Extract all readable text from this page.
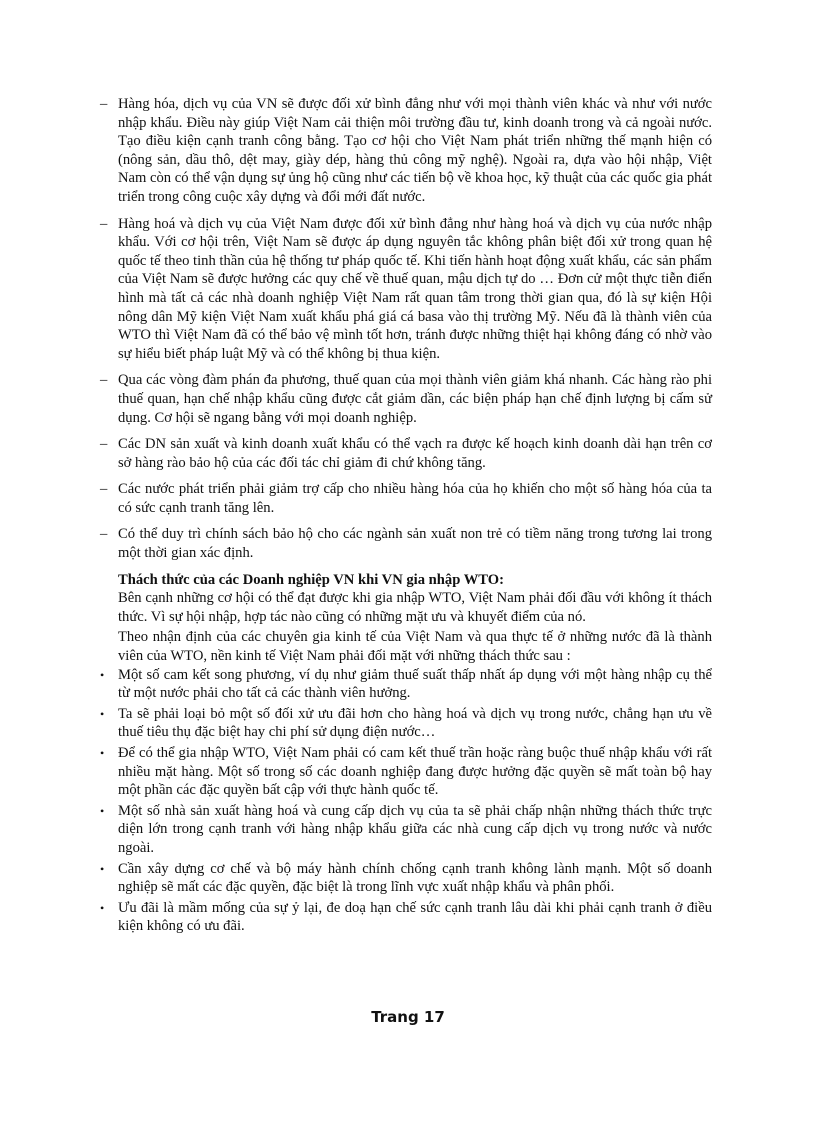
– Hàng hóa, dịch vụ của VN sẽ được đối xử bình đẳng như với mọi thành viên khác và như với nước nhập khẩu. Điều này giúp Việt Nam cải thiện môi trường đầu tư, kinh doanh trong và cả ngoài nước. Tạo điều kiện cạnh tranh công bằng. Tạo cơ hội cho Việt Nam phát triển những thế mạnh hiện có (nông sản, dầu thô, dệt may, giày dép, hàng thủ công mỹ nghệ). Ngoài ra, dựa vào hội nhập, Việt Nam còn có thể vận dụng sự ủng hộ cũng như các tiến bộ về khoa học, kỹ thuật của các quốc gia phát triển trong công cuộc xây dựng và đổi mới đất nước.
– Hàng hoá và dịch vụ của Việt Nam được đối xử bình đẳng như hàng hoá và dịch vụ của nước nhập khẩu. Với cơ hội trên, Việt Nam sẽ được áp dụng nguyên tắc không phân biệt đối xử trong quan hệ quốc tế theo tinh thần của hệ thống tư pháp quốc tế. Khi tiến hành hoạt động xuất khẩu, các sản phẩm của Việt Nam sẽ được hưởng các quy chế về thuế quan, mậu dịch tự do … Đơn cử một thực tiễn điển hình mà tất cả các nhà doanh nghiệp Việt Nam rất quan tâm trong thời gian qua, đó là sự kiện Hội nông dân Mỹ kiện Việt Nam xuất khẩu phá giá cá basa vào thị trường Mỹ. Nếu đã là thành viên của WTO thì Việt Nam đã có thể bảo vệ mình tốt hơn, tránh được những thiệt hại không đáng có nhờ vào sự hiểu biết pháp luật Mỹ và có thể không bị thua kiện.
– Qua các vòng đàm phán đa phương, thuế quan của mọi thành viên giảm khá nhanh. Các hàng rào phi thuế quan, hạn chế nhập khẩu cũng được cắt giảm dần, các biện pháp hạn chế định lượng bị cấm sử dụng. Cơ hội sẽ ngang bằng với mọi doanh nghiệp.
– Các DN sản xuất và kinh doanh xuất khẩu có thể vạch ra được kế hoạch kinh doanh dài hạn trên cơ sở hàng rào bảo hộ của các đối tác chỉ giảm đi chứ không tăng.
– Các nước phát triển phải giảm trợ cấp cho nhiều hàng hóa của họ khiến cho một số hàng hóa của ta có sức cạnh tranh tăng lên.
– Có thể duy trì chính sách bảo hộ cho các ngành sản xuất non trẻ có tiềm năng trong tương lai trong một thời gian xác định.

Thách thức của các Doanh nghiệp VN khi VN gia nhập WTO:

Bên cạnh những cơ hội có thể đạt được khi gia nhập WTO, Việt Nam phải đối đầu với không ít thách thức. Vì sự hội nhập, hợp tác nào cũng có những mặt ưu và khuyết điểm của nó.

Theo nhận định của các chuyên gia kinh tế của Việt Nam và qua thực tế ở những nước đã là thành viên của WTO, nền kinh tế Việt Nam phải đối mặt với những thách thức sau :

• Một số cam kết song phương, ví dụ như giảm thuế suất thấp nhất áp dụng với một hàng nhập cụ thể từ một nước phải cho tất cả các thành viên hưởng.
• Ta sẽ phải loại bỏ một số đối xử ưu đãi hơn cho hàng hoá và dịch vụ trong nước, chẳng hạn ưu về thuế tiêu thụ đặc biệt hay chi phí sử dụng điện nước…
• Để có thể gia nhập WTO, Việt Nam phải có cam kết thuế trần hoặc ràng buộc thuế nhập khẩu với rất nhiều mặt hàng. Một số trong số các doanh nghiệp đang được hưởng đặc quyền sẽ mất toàn bộ hay một phần các đặc quyền bất cập với thực hành quốc tế.
• Một số nhà sản xuất hàng hoá và cung cấp dịch vụ của ta sẽ phải chấp nhận những thách thức trực diện lớn trong cạnh tranh với hàng nhập khẩu giữa các nhà cung cấp dịch vụ trong nước và nước ngoài.
• Cần xây dựng cơ chế và bộ máy hành chính chống cạnh tranh không lành mạnh. Một số doanh nghiệp sẽ mất các đặc quyền, đặc biệt là trong lĩnh vực xuất nhập khẩu và phân phối.
• Ưu đãi là mầm mống của sự ỷ lại, đe doạ hạn chế sức cạnh tranh lâu dài khi phải cạnh tranh ở điều kiện không có ưu đãi.
Trang 17
